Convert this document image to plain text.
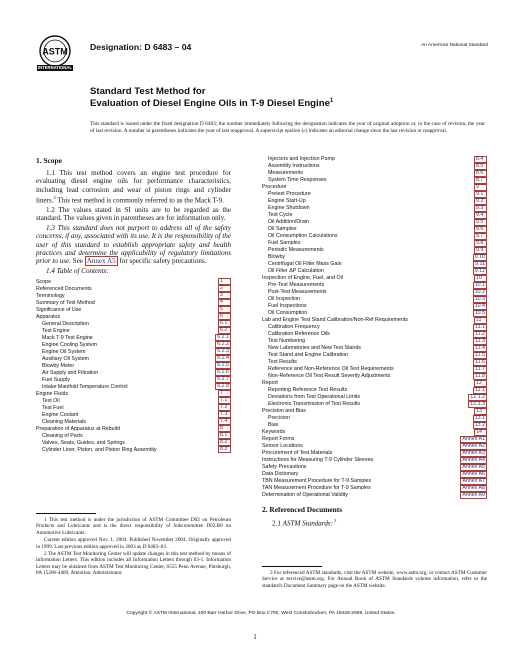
ASTM
INTERNATIONAL
Designation: D 6483 – 04	An American National Standard
Standard Test Method for
Evaluation of Diesel Engine Oils in T-9 Diesel Engine$^1$
This standard is issued under the fixed designation D 6483; the number immediately following the designation indicates the year of original adoption or, in the case of revision, the year of last revision. A number in parentheses indicates the year of last reapproval. A superscript epsilon (ε) indicates an editorial change since the last revision or reapproval.
1. Scope

1.1 This test method covers an engine test procedure for evaluating diesel engine oils for performance characteristics, including lead corrosion and wear of piston rings and cylinder liners.$^2$ This test method is commonly referred to as the Mack T-9.

1.2 The values stated in SI units are to be regarded as the standard. The values given in parentheses are for information only.

1.3 This standard does not purport to address all of the safety concerns, if any, associated with its use. It is the responsibility of the user of this standard to establish appropriate safety and health practices and determine the applicability of regulatory limitations prior to use. See Annex A5 for specific safety precautions.

1.4 Table of Contents:

Scope	1
Referenced Documents	2
Terminology	3
Summary of Test Method	4
Significance of Use	5
Apparatus	6
General Description	6.1
Test Engine	6.2
Mack T-9 Test Engine	6.2.1
Engine Cooling System	6.2.2
Engine Oil System	6.2.3
Auxiliary Oil System	6.2.4
Blowby Meter	6.2.5
Air Supply and Filtration	6.2.6
Fuel Supply	6.2.7
Intake Manifold Temperature Control	6.2.8
Engine Fluids	7
Test Oil	7.1
Test Fuel	7.2
Engine Coolant	7.3
Cleaning Materials	7.4
Preparation of Apparatus at Rebuild	8
Cleaning of Parts	8.1
Valves, Seats, Guides, and Springs	8.2
Cylinder Liner, Piston, and Piston Ring Assembly	8.3
Injectors and Injection Pump	8.4
Assembly Instructions	8.5
Measurements	8.6
System Time Responses	8.7
Procedure	9
Pretest Procedure	9.1
Engine Start-Up	9.2
Engine Shutdown	9.3
Test Cycle	9.4
Oil Addition/Drain	9.5
Oil Samples	9.6
Oil Consumption Calculations	9.7
Fuel Samples	9.8
Periodic Measurements	9.9
Blowby	9.10
Centrifugal Oil Filter Mass Gain	9.11
Oil Filter ΔP Calculation	9.12
Inspection of Engine, Fuel, and Oil	10
Pre-Test Measurements	10.1
Post-Test Measurements	10.2
Oil Inspection	10.3
Fuel Inspections	10.4
Oil Consumption	10.5
Lab and Engine Test Stand Calibration/Non-Ref Requirements	11
Calibration Frequency	11.1
Calibration Reference Oils	11.2
Test Numbering	11.3
New Laboratories and New Test Stands	11.4
Test Stand and Engine Calibration	11.5
Test Results	11.6
Reference and Non-Reference Oil Test Requirements	11.7
Non-Reference Oil Test Result Severity Adjustments	11.8
Report	12
Reporting Reference Test Results	12.1
Deviations from Test Operational Limits	12.1.2
Electronic Transmission of Test Results	12.1.3
Precision and Bias	13
Precision	13.1
Bias	13.2
Keywords	14
Report Forms	Annex A1
Sensor Locations	Annex A2
Procurement of Test Materials	Annex A3
Instructions for Measuring T-9 Cylinder Sleeves	Annex A4
Safety Precautions	Annex A5
Data Dictionary	Annex A6
TBN Measurement Procedure for T-9 Samples	Annex A7
TAN Measurement Procedure for T-9 Samples	Annex A8
Determination of Operational Validity	Annex A9
2. Referenced Documents
2.1 ASTM Standards: $^3$

1 This test method is under the jurisdiction of ASTM Committee D02 on Petroleum Products and Lubricants and is the direct responsibility of Subcommittee D02.B0 on Automotive Lubricants.

Current edition approved Nov. 1, 2004. Published November 2004. Originally approved in 1999. Last previous edition approved in 2003 as D 6483–03.

2 The ASTM Test Monitoring Center will update changes in this test method by means of Information Letters. This edition includes all Information Letters through 03-1. Information Letters may be obtained from ASTM Test Monitoring Center, 6555 Penn Avenue, Pittsburgh, PA 15206-4489, Attention: Administrator.	3 For referenced ASTM standards, visit the ASTM website, www.astm.org, or contact ASTM Customer Service at service@astm.org. For Annual Book of ASTM Standards volume information, refer to the standard's Document Summary page on the ASTM website.

Copyright © ASTM International, 100 Barr Harbor Drive, PO Box C700, West Conshohocken, PA 19428-2959, United States.
1
